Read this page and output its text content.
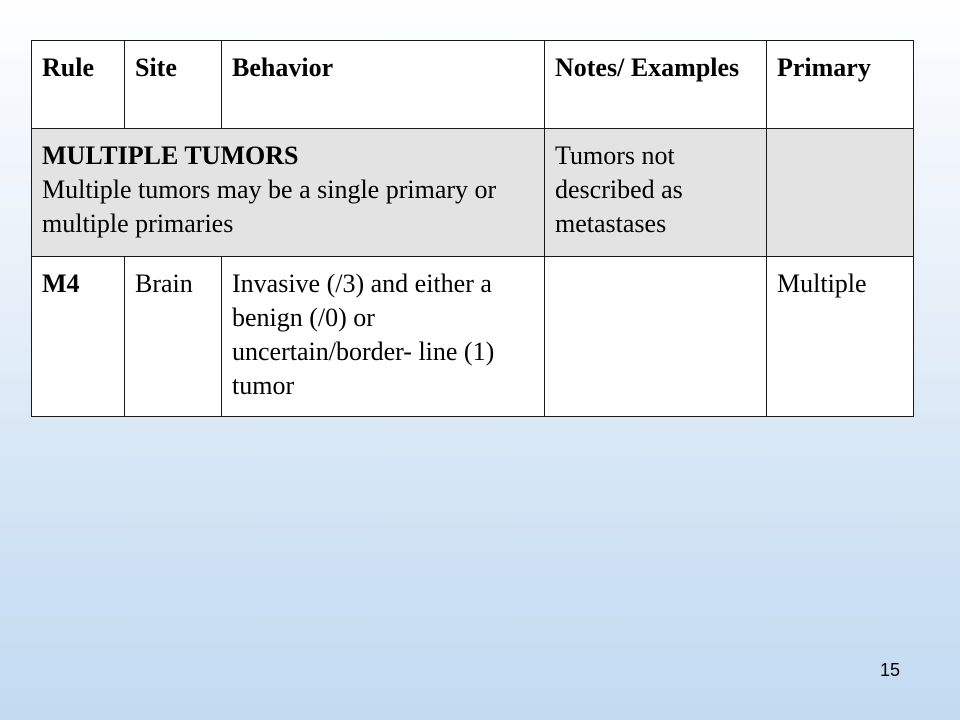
Rule	Site	Behavior	Notes/ Examples	Primary

MULTIPLE TUMORS
Multiple tumors may be a single primary or multiple primaries			Tumors not described as metastases	
M4	Brain	Invasive (/3) and either a benign (/0) or uncertain/border- line (1) tumor		Multiple
15
